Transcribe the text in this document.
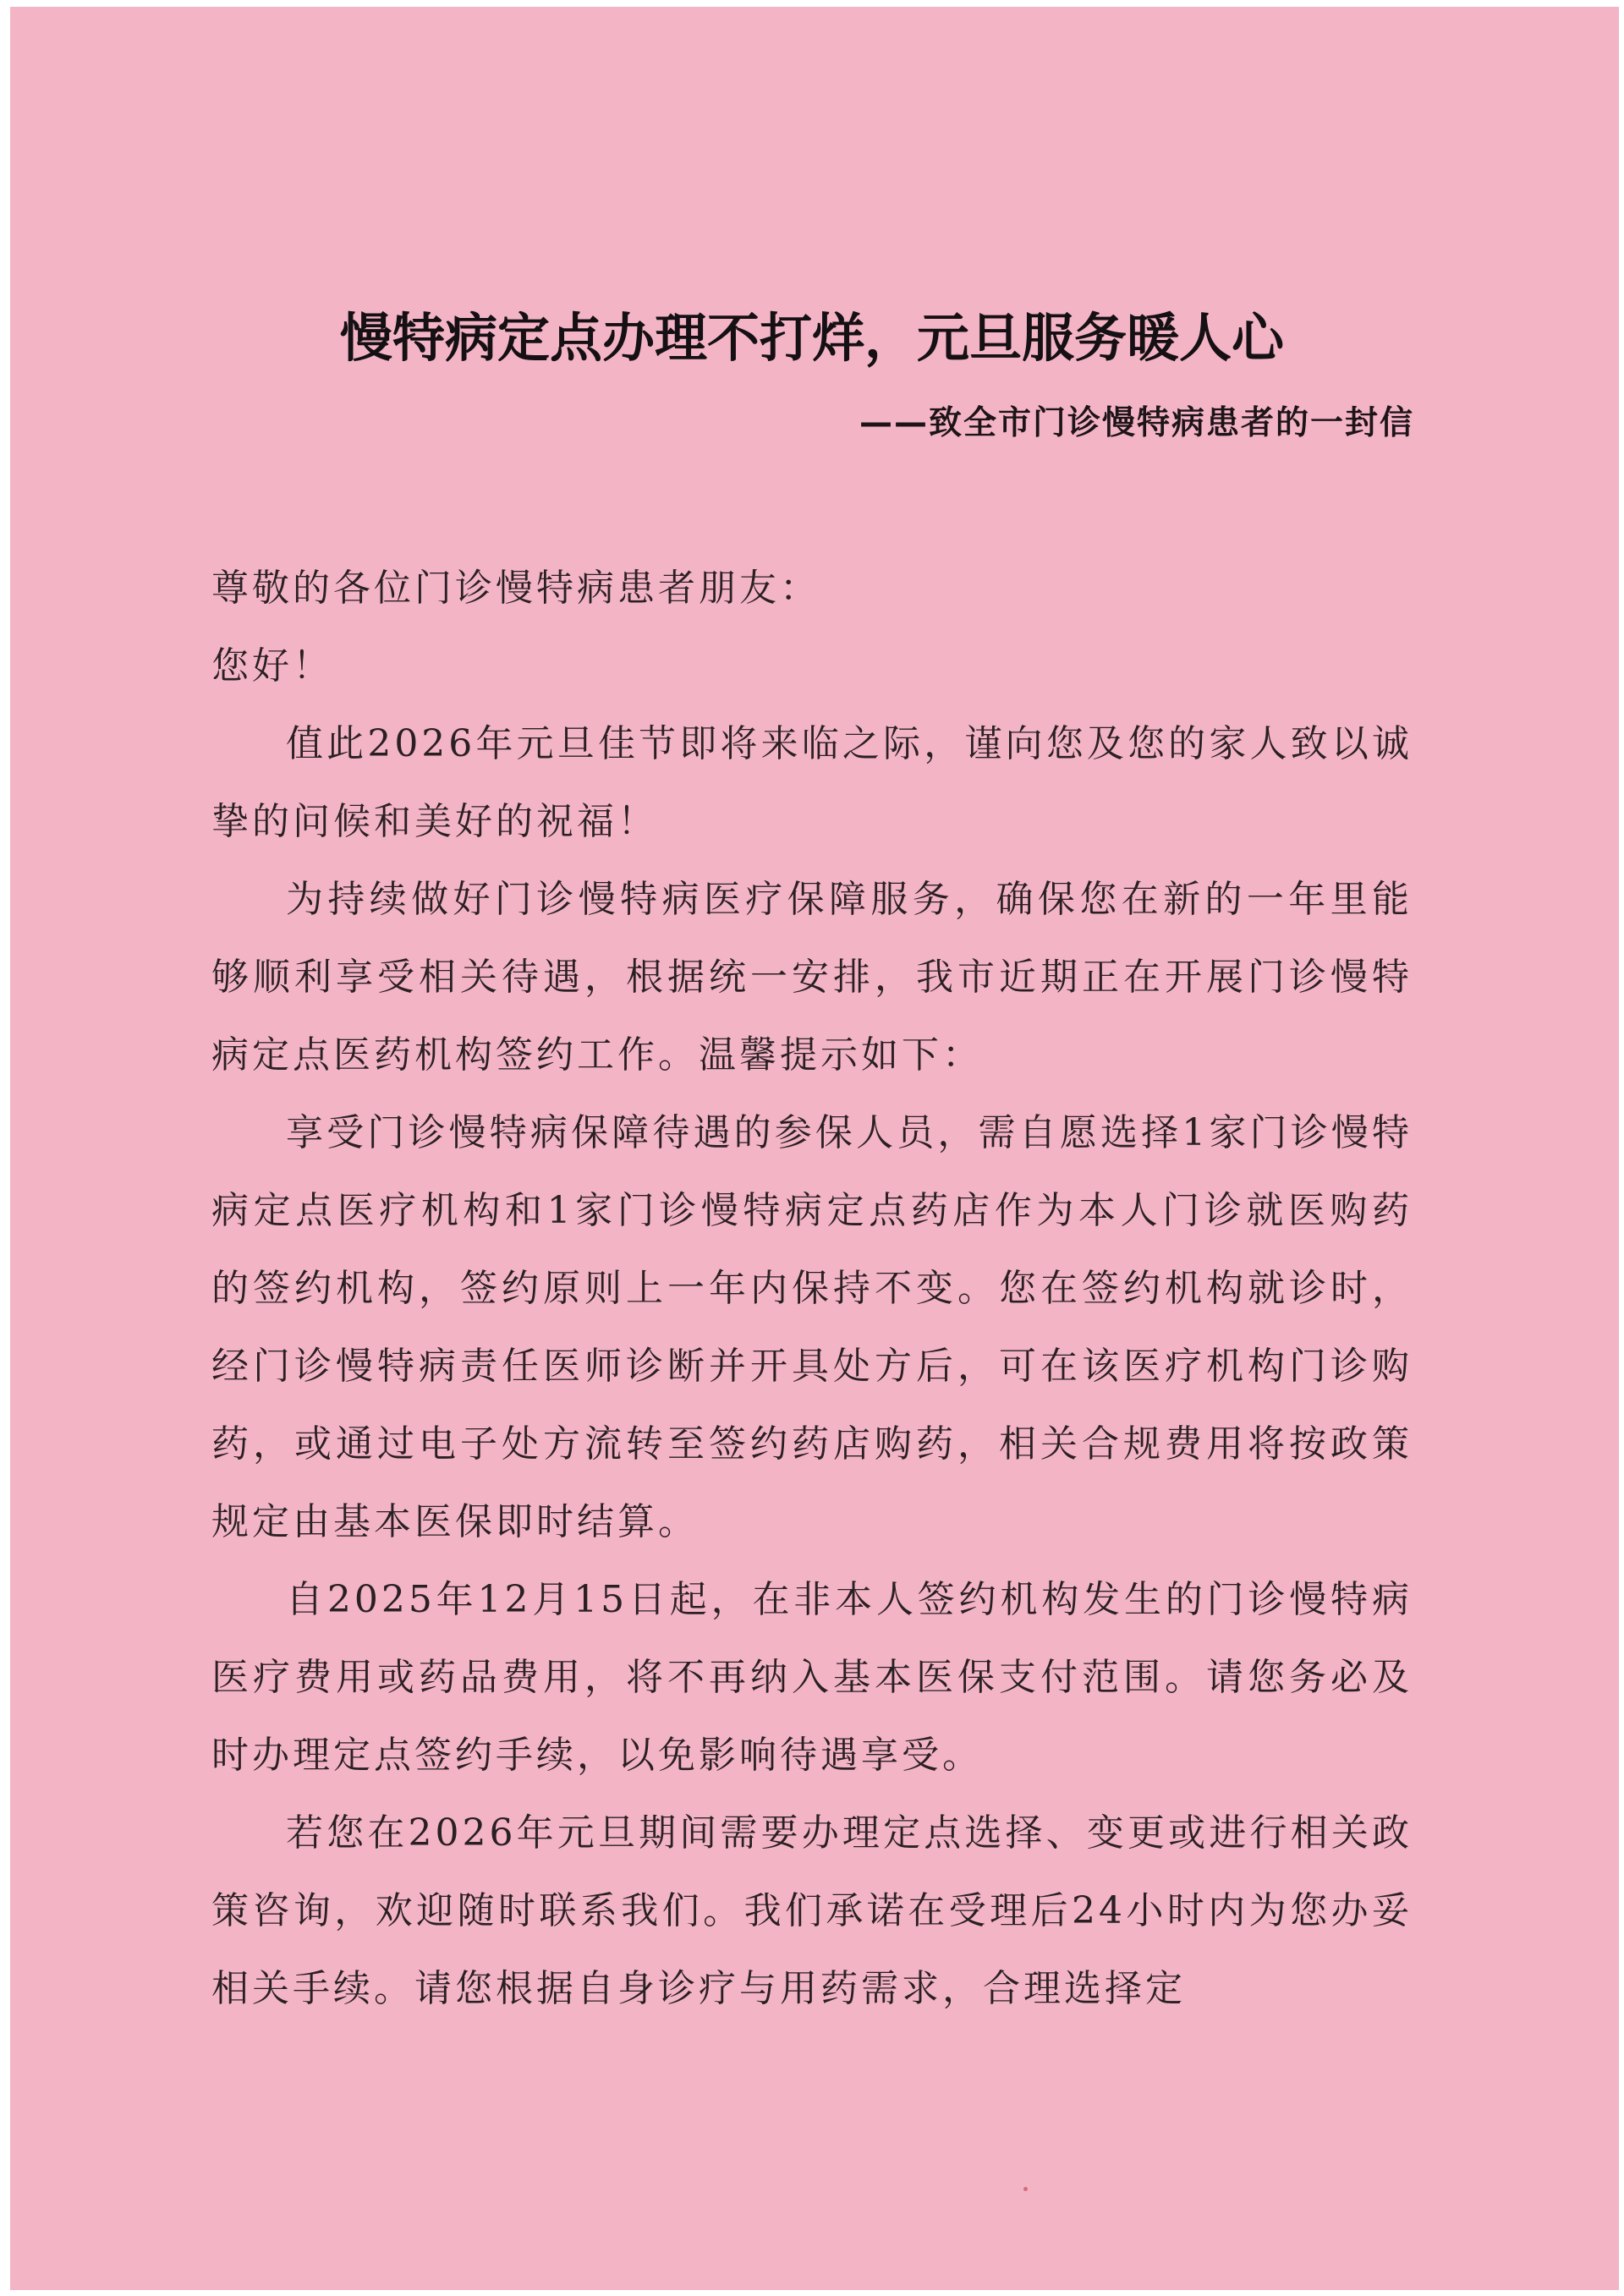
慢特病定点办理不打烊，元旦服务暖人心
——致全市门诊慢特病患者的一封信

尊敬的各位门诊慢特病患者朋友：

您好！

值此2026年元旦佳节即将来临之际，谨向您及您的家人致以诚挚的问候和美好的祝福！

为持续做好门诊慢特病医疗保障服务，确保您在新的一年里能够顺利享受相关待遇，根据统一安排，我市近期正在开展门诊慢特病定点医药机构签约工作。温馨提示如下：

享受门诊慢特病保障待遇的参保人员，需自愿选择1家门诊慢特病定点医疗机构和1家门诊慢特病定点药店作为本人门诊就医购药的签约机构，签约原则上一年内保持不变。您在签约机构就诊时，经门诊慢特病责任医师诊断并开具处方后，可在该医疗机构门诊购药，或通过电子处方流转至签约药店购药，相关合规费用将按政策规定由基本医保即时结算。

自2025年12月15日起，在非本人签约机构发生的门诊慢特病医疗费用或药品费用，将不再纳入基本医保支付范围。请您务必及时办理定点签约手续，以免影响待遇享受。

若您在2026年元旦期间需要办理定点选择、变更或进行相关政策咨询，欢迎随时联系我们。我们承诺在受理后24小时内为您办妥相关手续。请您根据自身诊疗与用药需求，合理选择定
